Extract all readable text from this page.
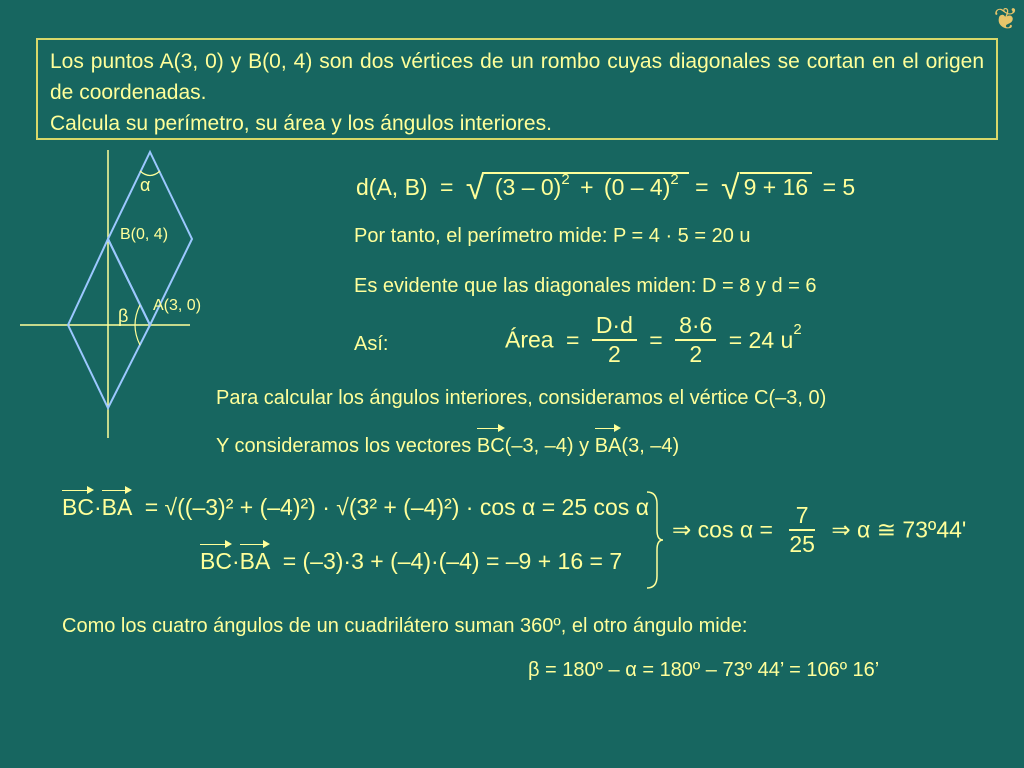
❦
Los puntos A(3, 0) y B(0, 4) son dos vértices de un rombo cuyas diagonales se cortan en el origen de coordenadas.
Calcula su perímetro, su área y los ángulos interiores.
α
B(0, 4)
β
A(3, 0)
d(A, B) = √ (3 – 0)$^2$ + (0 – 4)$^2$ = √ 9 + 16 = 5
Por tanto, el perímetro mide: P = 4 · 5 = 20 u
Es evidente que las diagonales miden: D = 8 y d = 6
Así:	Área = $\frac{D\cdot d}{2} = \frac{8\cdot 6}{2} = 24$ $u^2$
Para calcular los ángulos interiores, consideramos el vértice C(–3, 0)
Y consideramos los vectores BC(–3, –4) y BA(3, –4)
BC·BA = √((–3)² + (–4)²) · √(3² + (–4)²) · cos α = 25 cos α
BC·BA = (–3)·3 + (–4)·(–4) = –9 + 16 = 7
⇒ $\cos \alpha = \frac{7}{25}$ ⇒ α ≅ 73º44'
Como los cuatro ángulos de un cuadrilátero suman 360º, el otro ángulo mide:
β = 180º – α = 180º – 73º 44’ = 106º 16’
